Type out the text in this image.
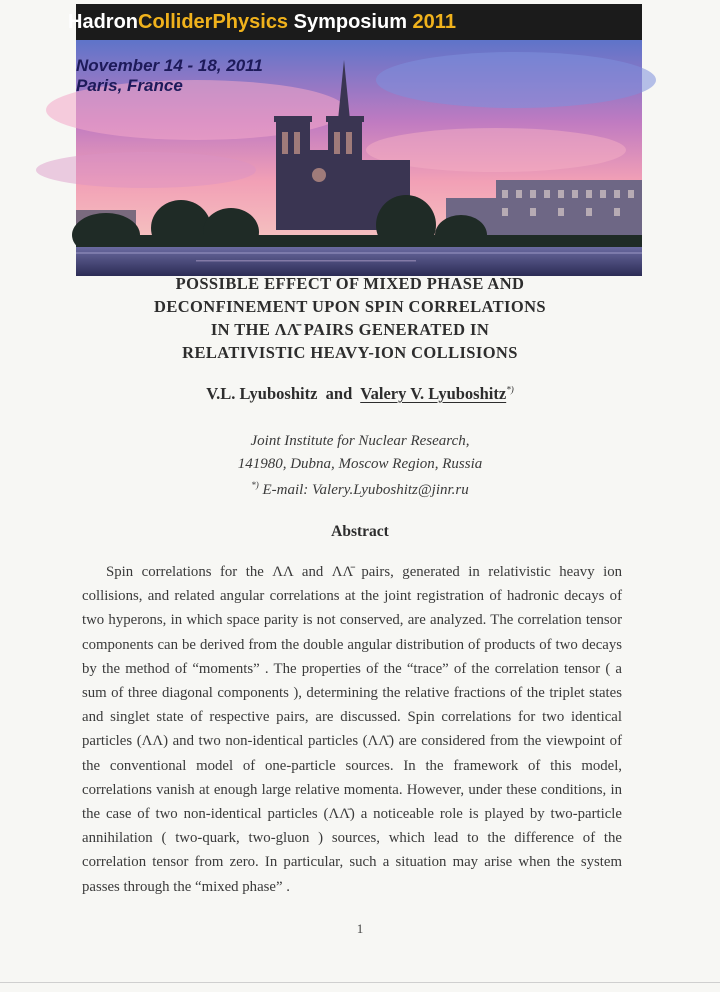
HadronColliderPhysics Symposium 2011
November 14 - 18, 2011
Paris, France
POSSIBLE EFFECT OF MIXED PHASE AND
DECONFINEMENT UPON SPIN CORRELATIONS
IN THE ΛΛ̄ PAIRS GENERATED IN
RELATIVISTIC HEAVY-ION COLLISIONS
V.L. Lyuboshitz and Valery V. Lyuboshitz*)
Joint Institute for Nuclear Research,
141980, Dubna, Moscow Region, Russia
*) E-mail: Valery.Lyuboshitz@jinr.ru
Abstract

Spin correlations for the ΛΛ and ΛΛ̄ pairs, generated in relativistic heavy ion collisions, and related angular correlations at the joint registration of hadronic decays of two hyperons, in which space parity is not conserved, are analyzed. The correlation tensor components can be derived from the double angular distribution of products of two decays by the method of “moments” . The properties of the “trace” of the correlation tensor ( a sum of three diagonal components ), determining the relative fractions of the triplet states and singlet state of respective pairs, are discussed. Spin correlations for two identical particles (ΛΛ) and two non-identical particles (ΛΛ̄) are considered from the viewpoint of the conventional model of one-particle sources. In the framework of this model, correlations vanish at enough large relative momenta. However, under these conditions, in the case of two non-identical particles (ΛΛ̄) a noticeable role is played by two-particle annihilation ( two-quark, two-gluon ) sources, which lead to the difference of the correlation tensor from zero. In particular, such a situation may arise when the system passes through the “mixed phase” .

1
